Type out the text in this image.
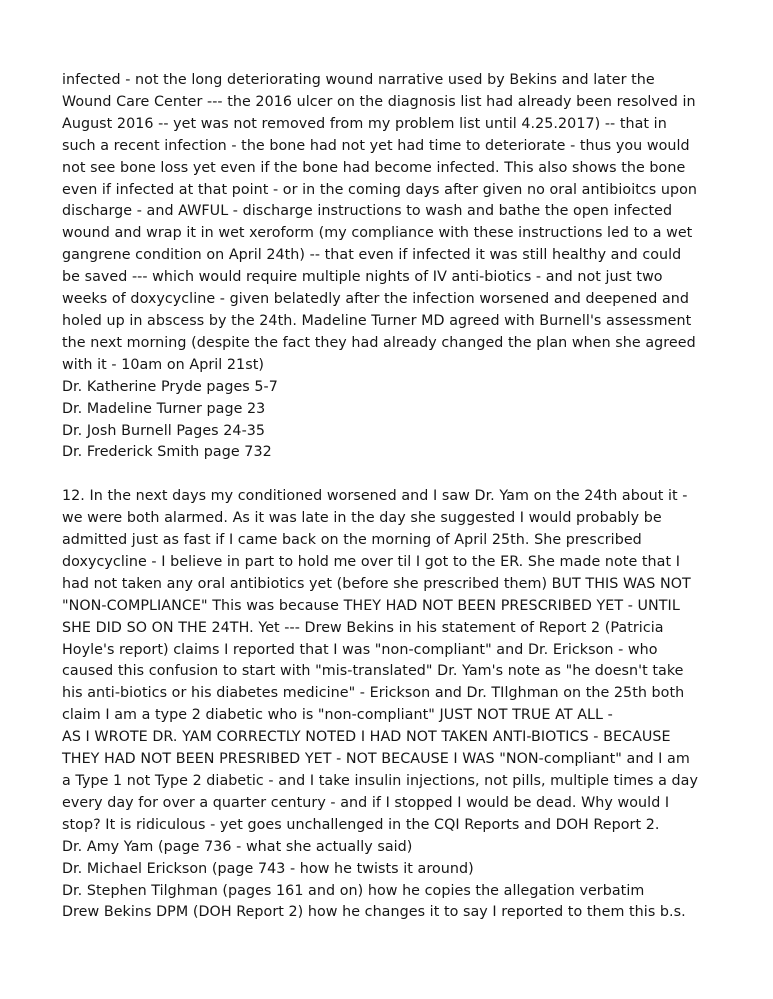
infected - not the long deteriorating wound narrative used by Bekins and later the
Wound Care Center --- the 2016 ulcer on the diagnosis list had already been resolved in
August 2016 -- yet was not removed from my problem list until 4.25.2017) -- that in
such a recent infection - the bone had not yet had time to deteriorate - thus you would
not see bone loss yet even if the bone had become infected. This also shows the bone
even if infected at that point - or in the coming days after given no oral antibioitcs upon
discharge - and AWFUL - discharge instructions to wash and bathe the open infected
wound and wrap it in wet xeroform (my compliance with these instructions led to a wet
gangrene condition on April 24th) -- that even if infected it was still healthy and could
be saved --- which would require multiple nights of IV anti-biotics - and not just two
weeks of doxycycline - given belatedly after the infection worsened and deepened and
holed up in abscess by the 24th. Madeline Turner MD agreed with Burnell's assessment
the next morning (despite the fact they had already changed the plan when she agreed
with it - 10am on April 21st)
Dr. Katherine Pryde pages 5-7
Dr. Madeline Turner page 23
Dr. Josh Burnell Pages 24-35
Dr. Frederick Smith page 732
12. In the next days my conditioned worsened and I saw Dr. Yam on the 24th about it -
we were both alarmed. As it was late in the day she suggested I would probably be
admitted just as fast if I came back on the morning of April 25th. She prescribed
doxycycline - I believe in part to hold me over til I got to the ER. She made note that I
had not taken any oral antibiotics yet (before she prescribed them) BUT THIS WAS NOT
"NON-COMPLIANCE" This was because THEY HAD NOT BEEN PRESCRIBED YET - UNTIL
SHE DID SO ON THE 24TH. Yet --- Drew Bekins in his statement of Report 2 (Patricia
Hoyle's report) claims I reported that I was "non-compliant" and Dr. Erickson - who
caused this confusion to start with "mis-translated" Dr. Yam's note as "he doesn't take
his anti-biotics or his diabetes medicine" - Erickson and Dr. TIlghman on the 25th both
claim I am a type 2 diabetic who is "non-compliant" JUST NOT TRUE AT ALL -
AS I WROTE DR. YAM CORRECTLY NOTED I HAD NOT TAKEN ANTI-BIOTICS - BECAUSE
THEY HAD NOT BEEN PRESRIBED YET - NOT BECAUSE I WAS "NON-compliant" and I am
a Type 1 not Type 2 diabetic - and I take insulin injections, not pills, multiple times a day
every day for over a quarter century - and if I stopped I would be dead. Why would I
stop? It is ridiculous - yet goes unchallenged in the CQI Reports and DOH Report 2.
Dr. Amy Yam (page 736 - what she actually said)
Dr. Michael Erickson (page 743 - how he twists it around)
Dr. Stephen Tilghman (pages 161 and on) how he copies the allegation verbatim
Drew Bekins DPM (DOH Report 2) how he changes it to say I reported to them this b.s.
